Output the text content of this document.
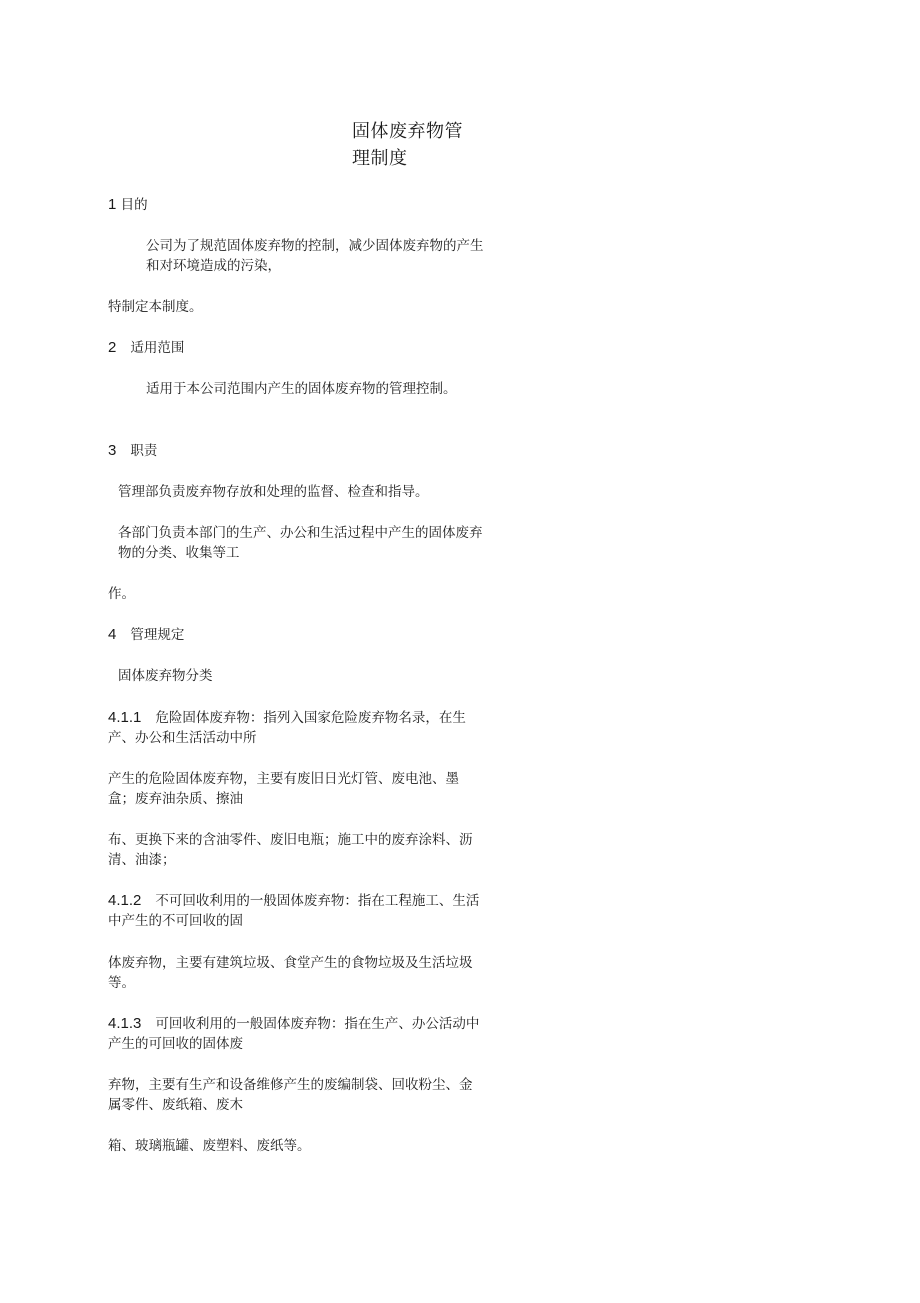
固体废弃物管
理制度

1 目的

公司为了规范固体废弃物的控制，减少固体废弃物的产生和对环境造成的污染，

特制定本制度。

2 适用范围

适用于本公司范围内产生的固体废弃物的管理控制。

3 职责

管理部负责废弃物存放和处理的监督、检查和指导。

各部门负责本部门的生产、办公和生活过程中产生的固体废弃物的分类、收集等工

作。

4 管理规定

固体废弃物分类

4.1.1 危险固体废弃物：指列入国家危险废弃物名录，在生产、办公和生活活动中所

产生的危险固体废弃物，主要有废旧日光灯管、废电池、墨盒；废弃油杂质、擦油

布、更换下来的含油零件、废旧电瓶；施工中的废弃涂料、沥清、油漆；

4.1.2 不可回收利用的一般固体废弃物：指在工程施工、生活中产生的不可回收的固

体废弃物，主要有建筑垃圾、食堂产生的食物垃圾及生活垃圾等。

4.1.3 可回收利用的一般固体废弃物：指在生产、办公活动中产生的可回收的固体废

弃物，主要有生产和设备维修产生的废编制袋、回收粉尘、金属零件、废纸箱、废木

箱、玻璃瓶罐、废塑料、废纸等。
